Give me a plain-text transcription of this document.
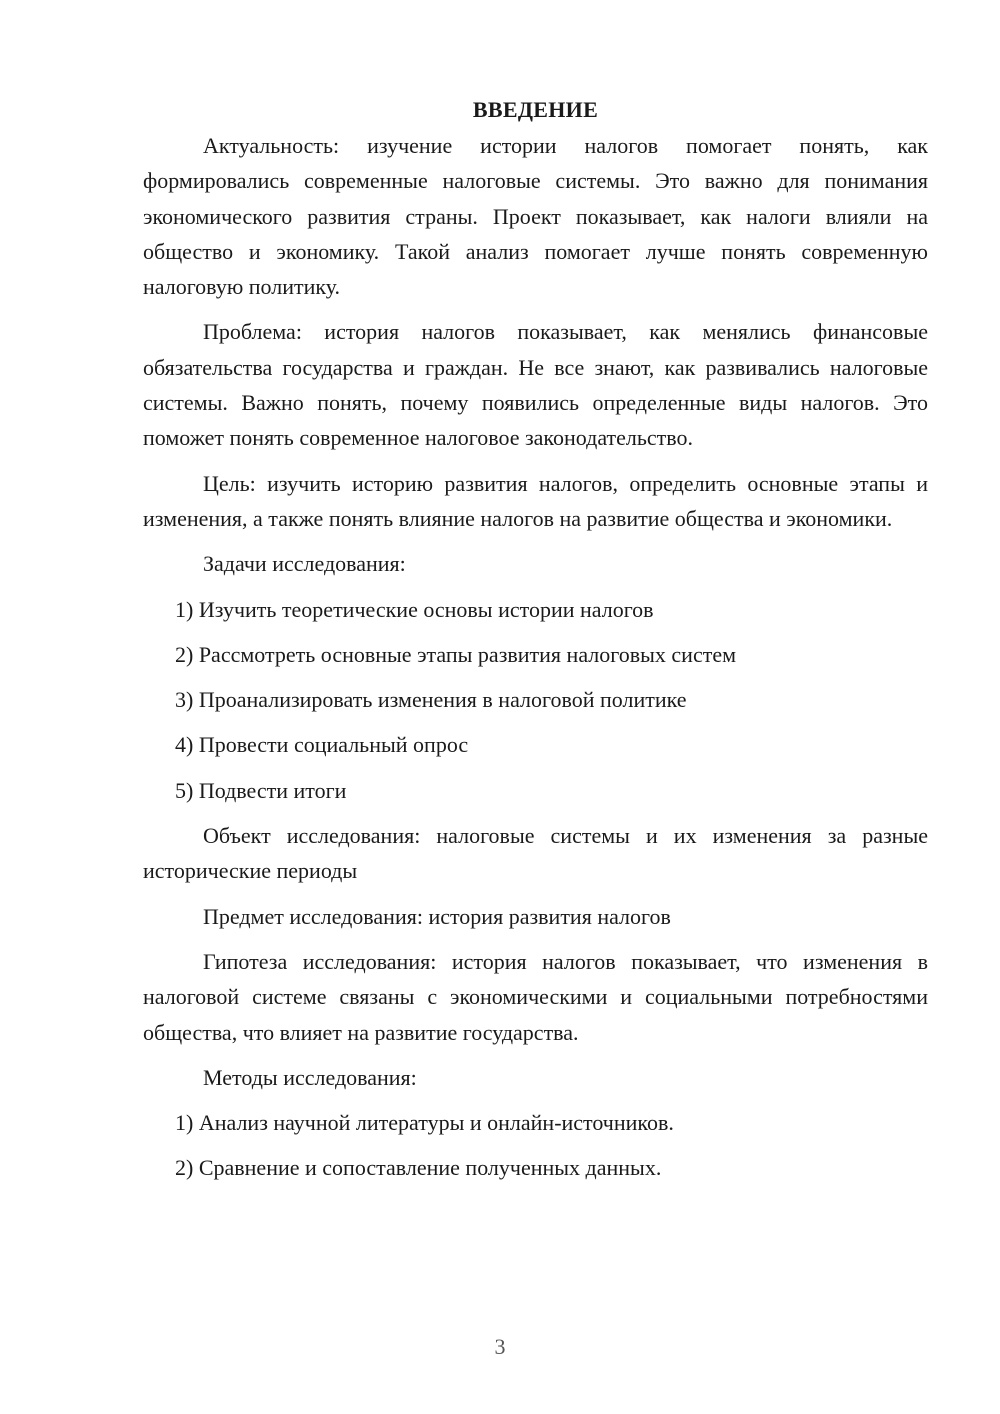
ВВЕДЕНИЕ

Актуальность: изучение истории налогов помогает понять, как формировались современные налоговые системы. Это важно для понимания экономического развития страны. Проект показывает, как налоги влияли на общество и экономику. Такой анализ помогает лучше понять современную налоговую политику.

Проблема: история налогов показывает, как менялись финансовые обязательства государства и граждан. Не все знают, как развивались налоговые системы. Важно понять, почему появились определенные виды налогов. Это поможет понять современное налоговое законодательство.

Цель: изучить историю развития налогов, определить основные этапы и изменения, а также понять влияние налогов на развитие общества и экономики.

Задачи исследования:

1) Изучить теоретические основы истории налогов

2) Рассмотреть основные этапы развития налоговых систем

3) Проанализировать изменения в налоговой политике

4) Провести социальный опрос

5) Подвести итоги

Объект исследования: налоговые системы и их изменения за разные исторические периоды

Предмет исследования: история развития налогов

Гипотеза исследования: история налогов показывает, что изменения в налоговой системе связаны с экономическими и социальными потребностями общества, что влияет на развитие государства.

Методы исследования:

1) Анализ научной литературы и онлайн-источников.

2) Сравнение и сопоставление полученных данных.

3
